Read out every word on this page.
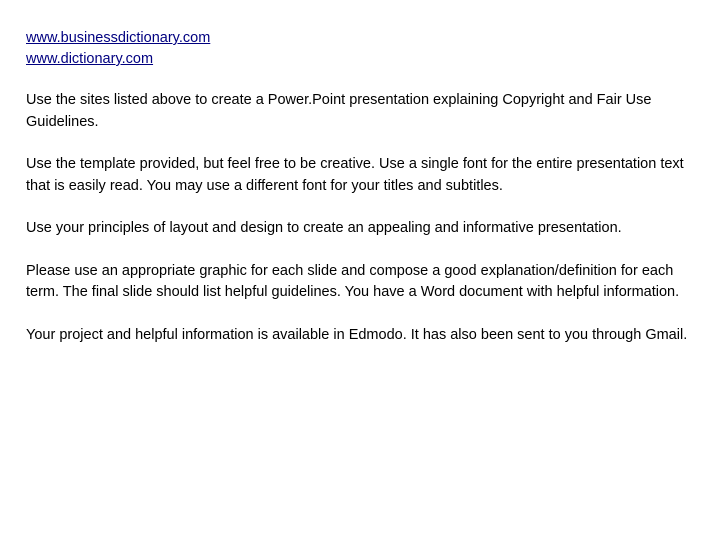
www.businessdictionary.com
www.dictionary.com

Use the sites listed above to create a Power.Point presentation explaining Copyright and Fair Use Guidelines.

Use the template provided, but feel free to be creative. Use a single font for the entire presentation text that is easily read. You may use a different font for your titles and subtitles.

Use your principles of layout and design to create an appealing and informative presentation.

Please use an appropriate graphic for each slide and compose a good explanation/definition for each term. The final slide should list helpful guidelines. You have a Word document with helpful information.

Your project and helpful information is available in Edmodo. It has also been sent to you through Gmail.
